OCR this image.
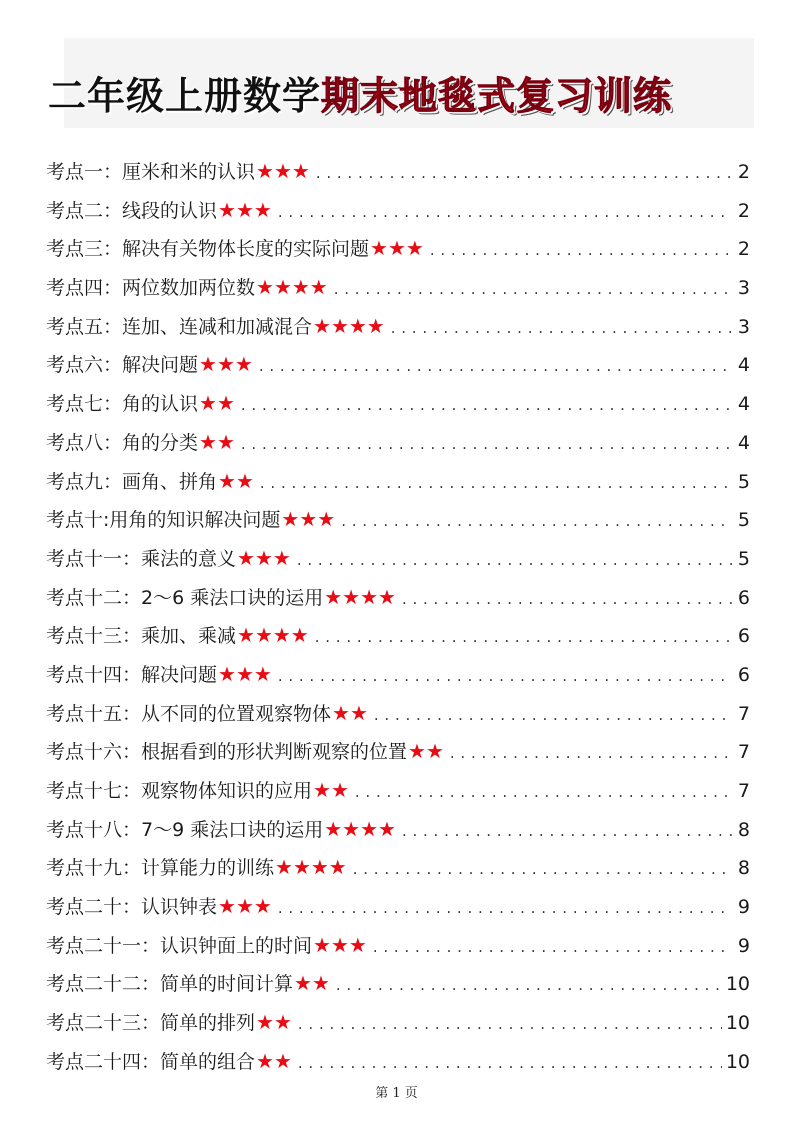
二年级上册数学期末地毯式复习训练
考点一：厘米和米的认识 ★★★ . . .	2
考点二：线段的认识 ★★★ . . .	2
考点三：解决有关物体长度的实际问题 ★★★ . . .	2
考点四：两位数加两位数 ★★★★ . . .	3
考点五：连加、连减和加减混合 ★★★★ . . .	3
考点六：解决问题 ★★★ . . .	4
考点七：角的认识 ★★ . . .	4
考点八：角的分类 ★★ . . .	4
考点九：画角、拼角 ★★ . . .	5
考点十:用角的知识解决问题 ★★★ . . .	5
考点十一：乘法的意义 ★★★ . . .	5
考点十二：2～6 乘法口诀的运用 ★★★★ . . .	6
考点十三：乘加、乘减 ★★★★ . . .	6
考点十四：解决问题 ★★★ . . .	6
考点十五：从不同的位置观察物体 ★★ . . .	7
考点十六：根据看到的形状判断观察的位置 ★★ . . .	7
考点十七：观察物体知识的应用 ★★ . . .	7
考点十八：7～9 乘法口诀的运用 ★★★★ . . .	8
考点十九：计算能力的训练 ★★★★ . . .	8
考点二十：认识钟表 ★★★ . . .	9
考点二十一：认识钟面上的时间 ★★★ . . .	9
考点二十二：简单的时间计算 ★★ . . .	10
考点二十三：简单的排列 ★★ . . .	10
考点二十四：简单的组合 ★★ . . .	10
第 1 页
